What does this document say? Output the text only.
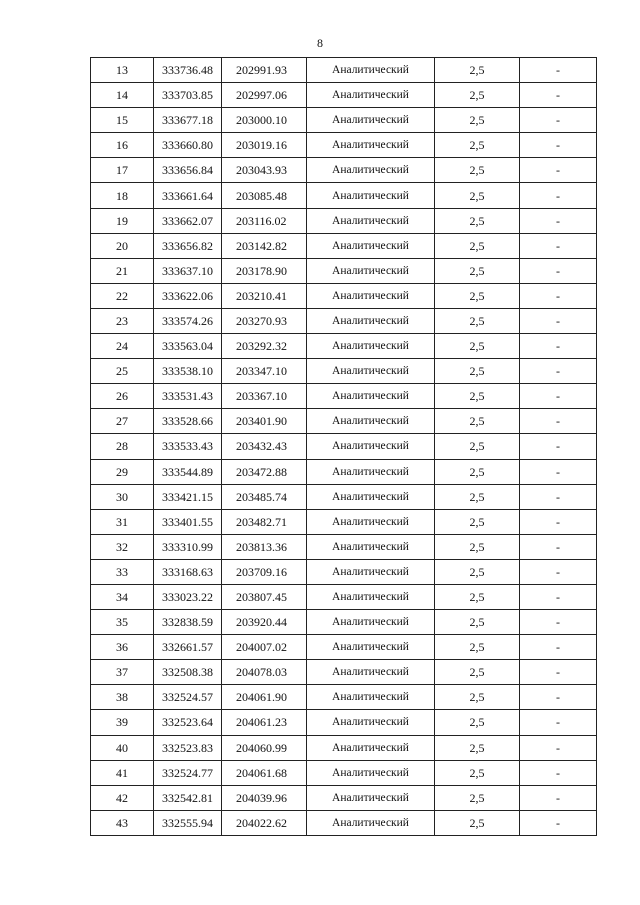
8
13	333736.48	202991.93	Аналитический	2,5	-
14	333703.85	202997.06	Аналитический	2,5	-
15	333677.18	203000.10	Аналитический	2,5	-
16	333660.80	203019.16	Аналитический	2,5	-
17	333656.84	203043.93	Аналитический	2,5	-
18	333661.64	203085.48	Аналитический	2,5	-
19	333662.07	203116.02	Аналитический	2,5	-
20	333656.82	203142.82	Аналитический	2,5	-
21	333637.10	203178.90	Аналитический	2,5	-
22	333622.06	203210.41	Аналитический	2,5	-
23	333574.26	203270.93	Аналитический	2,5	-
24	333563.04	203292.32	Аналитический	2,5	-
25	333538.10	203347.10	Аналитический	2,5	-
26	333531.43	203367.10	Аналитический	2,5	-
27	333528.66	203401.90	Аналитический	2,5	-
28	333533.43	203432.43	Аналитический	2,5	-
29	333544.89	203472.88	Аналитический	2,5	-
30	333421.15	203485.74	Аналитический	2,5	-
31	333401.55	203482.71	Аналитический	2,5	-
32	333310.99	203813.36	Аналитический	2,5	-
33	333168.63	203709.16	Аналитический	2,5	-
34	333023.22	203807.45	Аналитический	2,5	-
35	332838.59	203920.44	Аналитический	2,5	-
36	332661.57	204007.02	Аналитический	2,5	-
37	332508.38	204078.03	Аналитический	2,5	-
38	332524.57	204061.90	Аналитический	2,5	-
39	332523.64	204061.23	Аналитический	2,5	-
40	332523.83	204060.99	Аналитический	2,5	-
41	332524.77	204061.68	Аналитический	2,5	-
42	332542.81	204039.96	Аналитический	2,5	-
43	332555.94	204022.62	Аналитический	2,5	-
